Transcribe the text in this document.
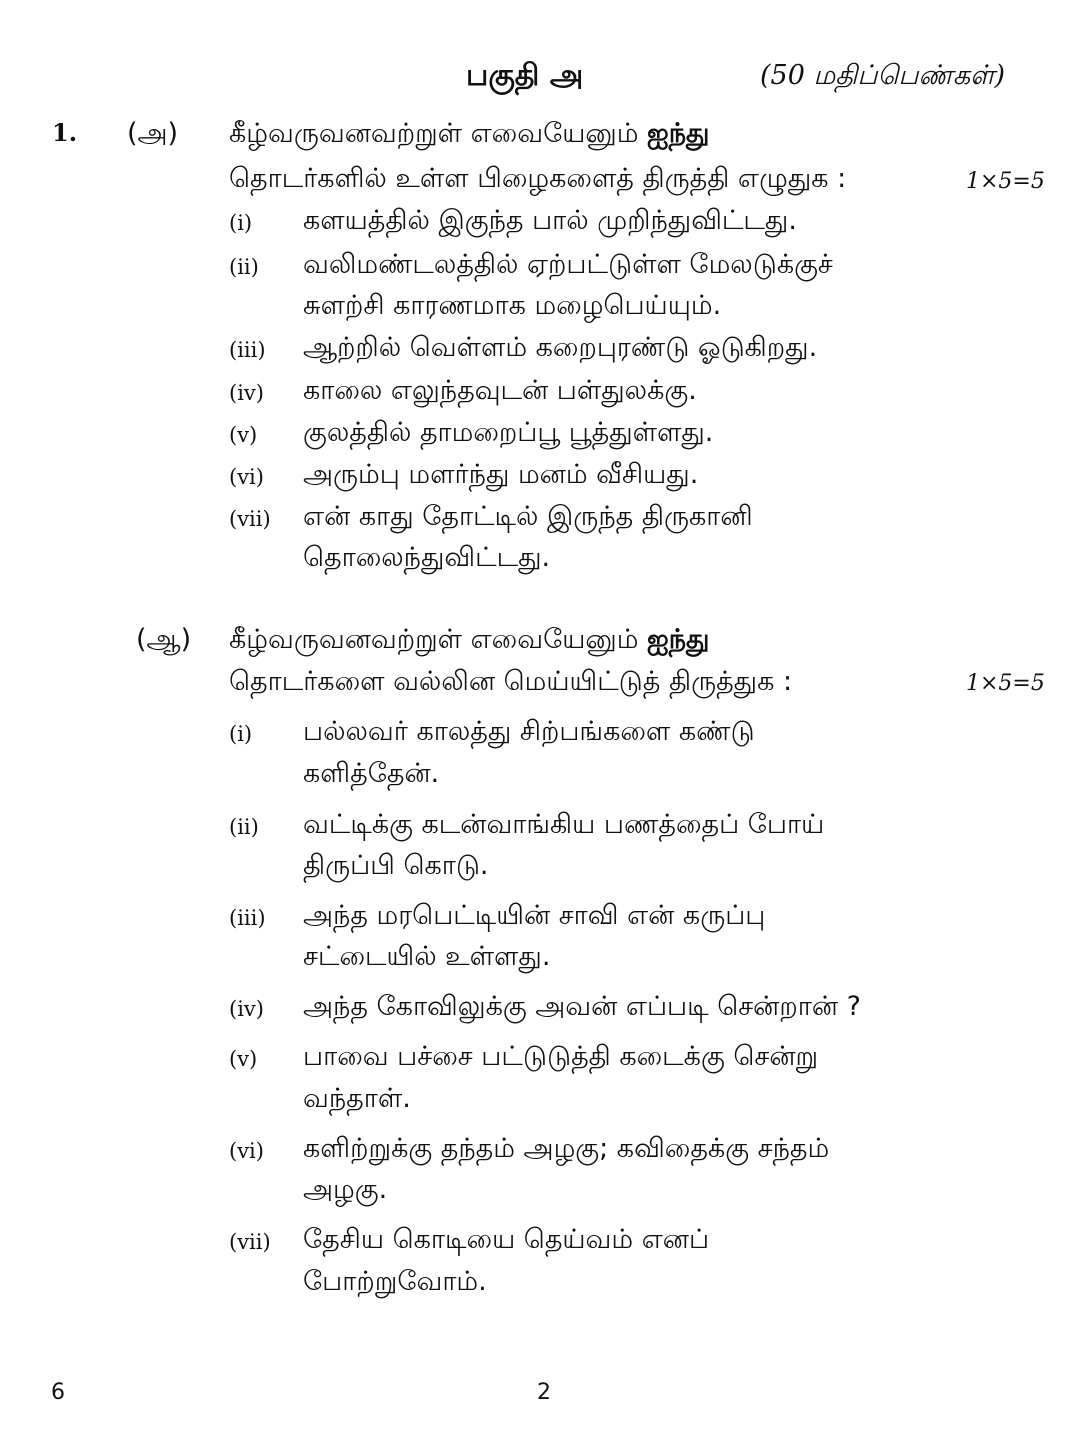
பகுதி அ	(50 மதிப்பெண்கள்)
1. (அ) கீழ்வருவனவற்றுள் எவையேனும் ஐந்து
தொடர்களில் உள்ள பிழைகளைத் திருத்தி எழுதுக :	1×5=5
(i) களயத்தில் இகுந்த பால் முறிந்துவிட்டது.
(ii) வலிமண்டலத்தில் ஏற்பட்டுள்ள மேலடுக்குச்
சுளற்சி காரணமாக மழைபெய்யும்.
(iii) ஆற்றில் வெள்ளம் கறைபுரண்டு ஓடுகிறது.
(iv) காலை எலுந்தவுடன் பள்துலக்கு.
(v) குலத்தில் தாமறைப்பூ பூத்துள்ளது.
(vi) அரும்பு மளர்ந்து மனம் வீசியது.
(vii) என் காது தோட்டில் இருந்த திருகானி
தொலைந்துவிட்டது.
(ஆ) கீழ்வருவனவற்றுள் எவையேனும் ஐந்து
தொடர்களை வல்லின மெய்யிட்டுத் திருத்துக :	1×5=5
(i) பல்லவர் காலத்து சிற்பங்களை கண்டு
களித்தேன்.
(ii) வட்டிக்கு கடன்வாங்கிய பணத்தைப் போய்
திருப்பி கொடு.
(iii) அந்த மரபெட்டியின் சாவி என் கருப்பு
சட்டையில் உள்ளது.
(iv) அந்த கோவிலுக்கு அவன் எப்படி சென்றான் ?
(v) பாவை பச்சை பட்டுடுத்தி கடைக்கு சென்று
வந்தாள்.
(vi) களிற்றுக்கு தந்தம் அழகு; கவிதைக்கு சந்தம்
அழகு.
(vii) தேசிய கொடியை தெய்வம் எனப்
போற்றுவோம்.
6	2
